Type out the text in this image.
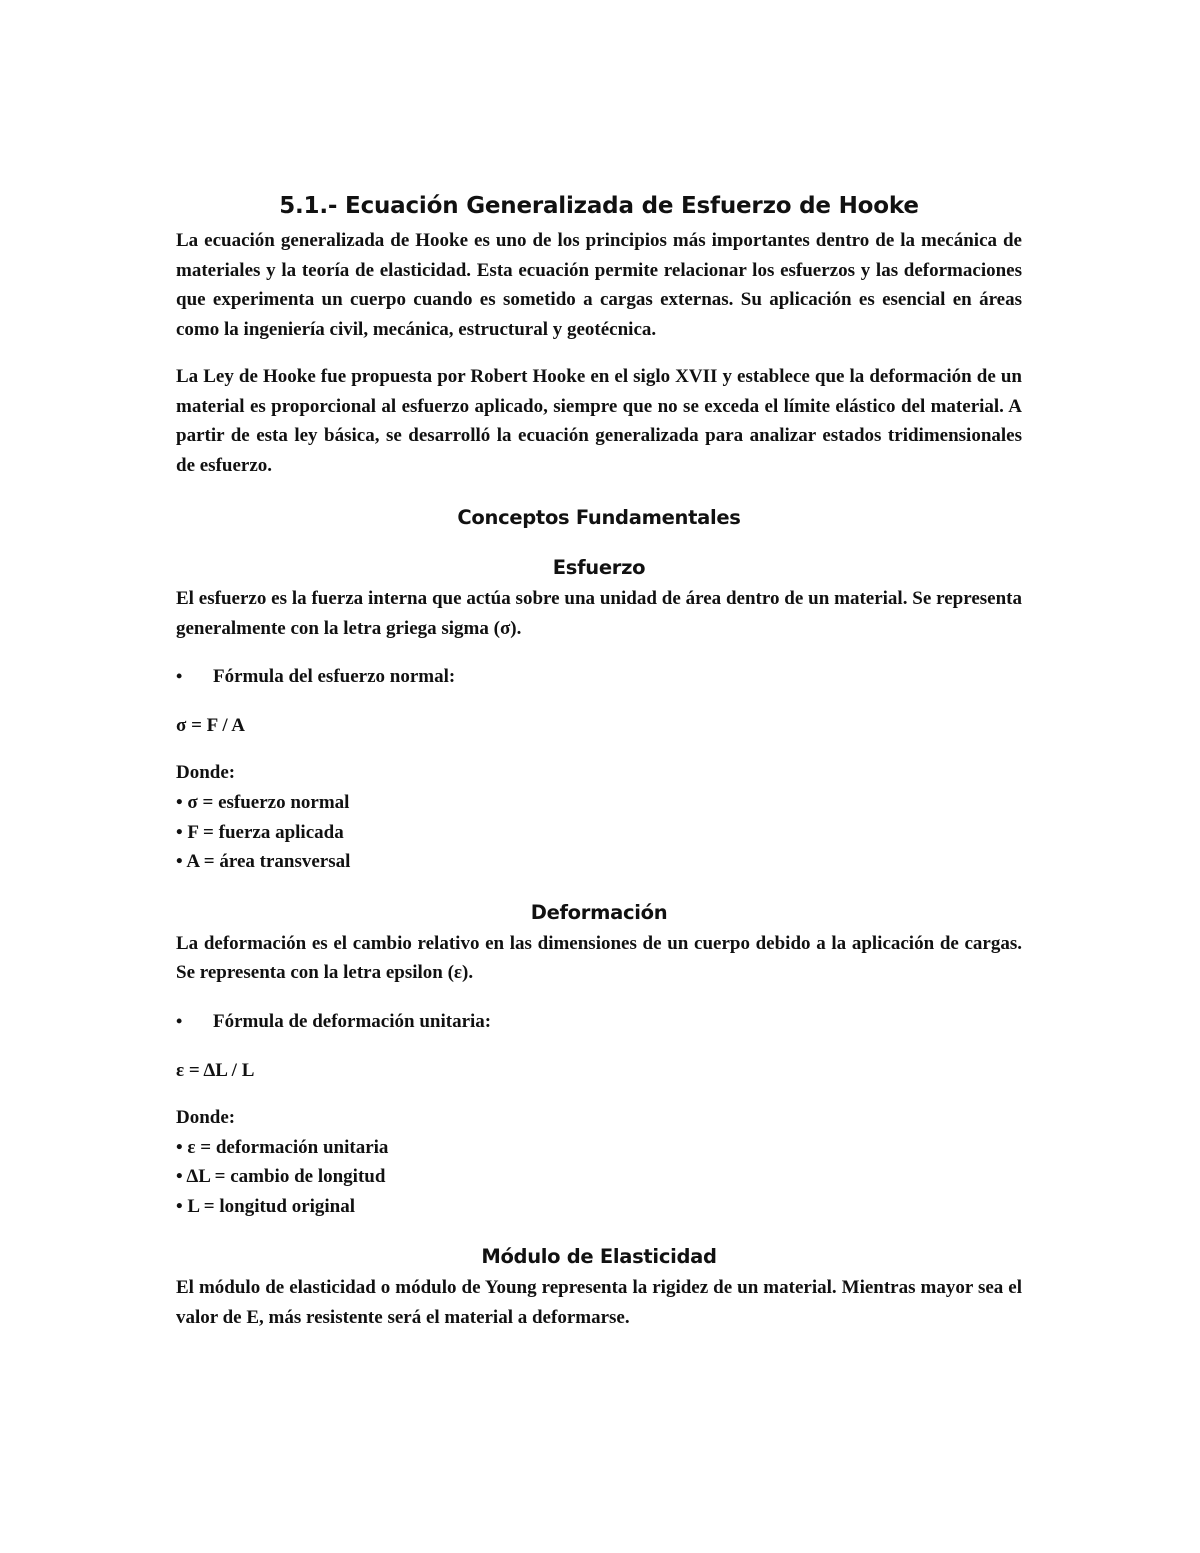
5.1.- Ecuación Generalizada de Esfuerzo de Hooke

La ecuación generalizada de Hooke es uno de los principios más importantes dentro de la mecánica de materiales y la teoría de elasticidad. Esta ecuación permite relacionar los esfuerzos y las deformaciones que experimenta un cuerpo cuando es sometido a cargas externas. Su aplicación es esencial en áreas como la ingeniería civil, mecánica, estructural y geotécnica.

La Ley de Hooke fue propuesta por Robert Hooke en el siglo XVII y establece que la deformación de un material es proporcional al esfuerzo aplicado, siempre que no se exceda el límite elástico del material. A partir de esta ley básica, se desarrolló la ecuación generalizada para analizar estados tridimensionales de esfuerzo.

Conceptos Fundamentales
Esfuerzo

El esfuerzo es la fuerza interna que actúa sobre una unidad de área dentro de un material. Se representa generalmente con la letra griega sigma (σ).

•	Fórmula del esfuerzo normal:

σ = F / A

Donde:

• σ = esfuerzo normal
• F = fuerza aplicada
• A = área transversal
Deformación

La deformación es el cambio relativo en las dimensiones de un cuerpo debido a la aplicación de cargas. Se representa con la letra epsilon (ε).

•	Fórmula de deformación unitaria:

ε = ΔL / L

Donde:

• ε = deformación unitaria
• ΔL = cambio de longitud
• L = longitud original
Módulo de Elasticidad

El módulo de elasticidad o módulo de Young representa la rigidez de un material. Mientras mayor sea el valor de E, más resistente será el material a deformarse.
